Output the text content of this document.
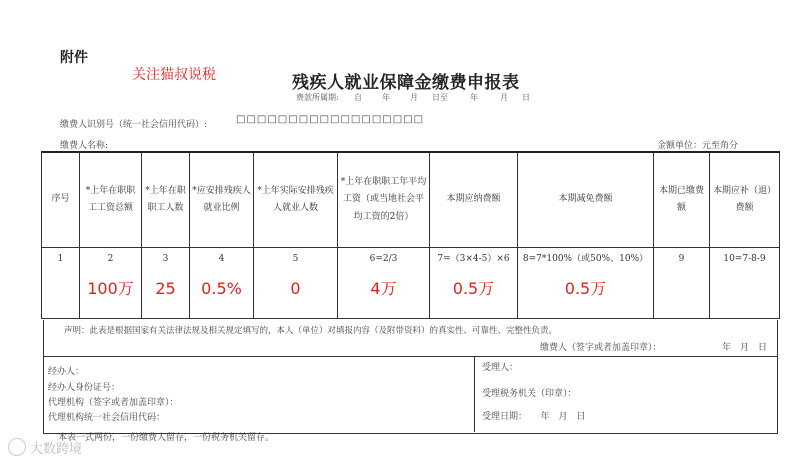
附件
关注猫叔说税	残疾人就业保障金缴费申报表
费款所属期: 自	年	月 日至	年	月 日
缴费人识别号（统一社会信用代码）:	□□□□□□□□□□□□□□□□□□
缴费人名称:	金额单位：元至角分
序号	*上年在职职工工资总额	*上年在职职工人数	*应安排残疾人就业比例	*上年实际安排残疾人就业人数	*上年在职职工年平均工资（或当地社会平均工资的2倍）	本期应纳费额	本期减免费额	本期已缴费额	本期应补（退）费额
1	2	3	4	5	6=2/3	7=（3×4-5）×6	8=7*100%（或50%、10%）	9	10=7-8-9
	100万	25	0.5%	0	4万	0.5万	0.5万		
声明：此表是根据国家有关法律法规及相关规定填写的，本人（单位）对填报内容（及附带资料）的真实性、可靠性、完整性负责。
缴费人（签字或者加盖印章）：	年　月　日
经办人：
经办人身份证号：
代理机构（签字或者加盖印章）：
代理机构统一社会信用代码：
受理人：
受理税务机关（印章）：
受理日期：　　年　月　日
本表一式两份，一份缴费人留存，一份税务机关留存。
大数跨境
